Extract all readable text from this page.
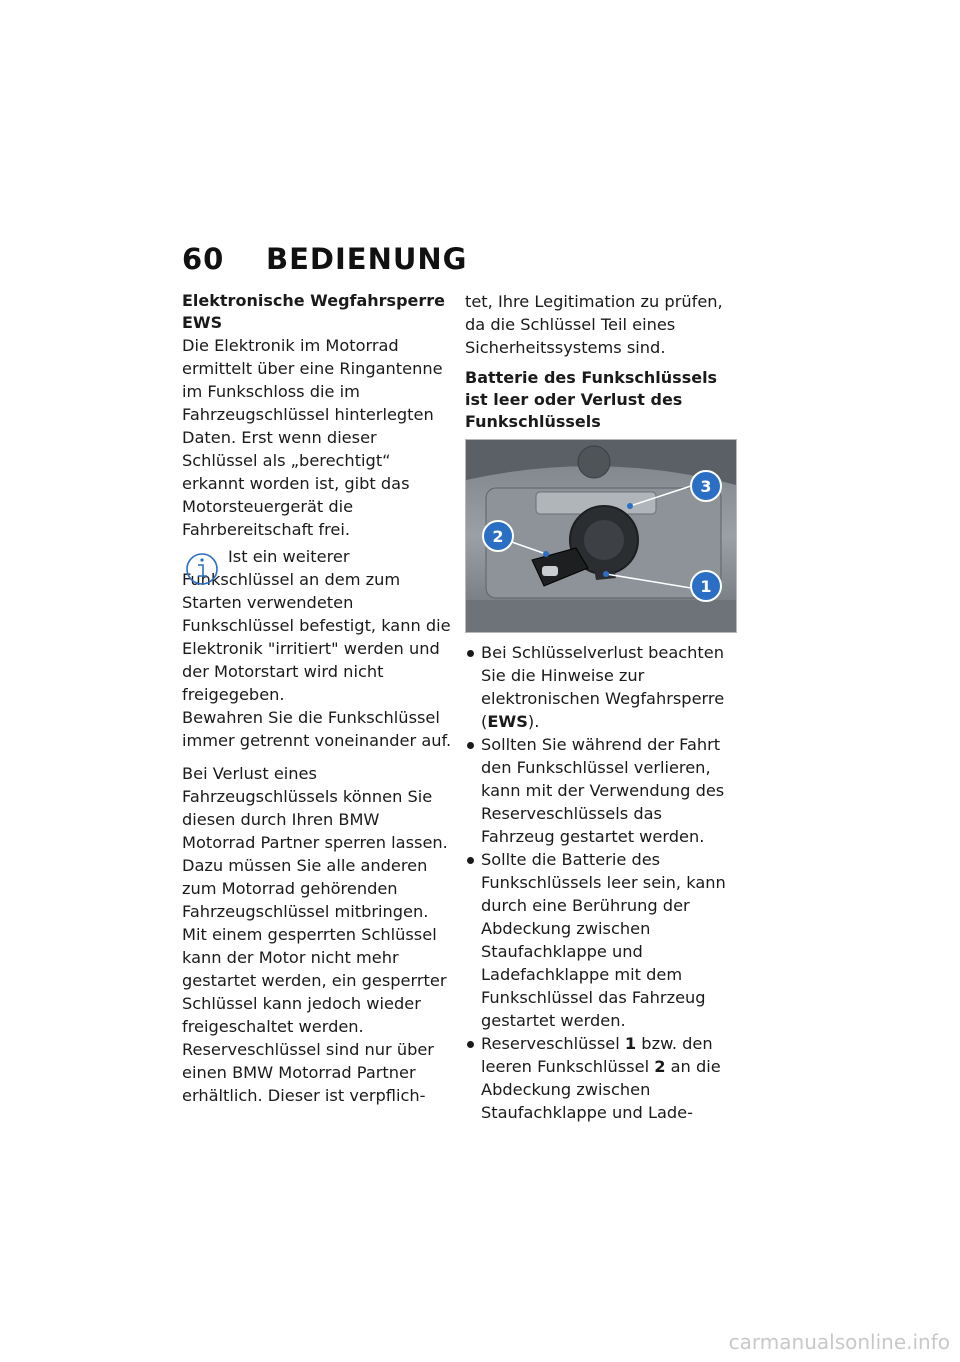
60 BEDIENUNG

Elektronische Wegfahrsperre EWS

Die Elektronik im Motorrad ermittelt über eine Ringantenne im Funkschloss die im Fahrzeugschlüssel hinterlegten Daten. Erst wenn dieser Schlüssel als „berechtigt“ erkannt worden ist, gibt das Motorsteuergerät die Fahrbereitschaft frei.

Ist ein weiterer Funkschlüssel an dem zum Starten verwendeten Funkschlüssel befestigt, kann die Elektronik "irritiert" werden und der Motorstart wird nicht freigegeben.

Bewahren Sie die Funkschlüssel immer getrennt voneinander auf.

Bei Verlust eines Fahrzeugschlüssels können Sie diesen durch Ihren BMW Motorrad Partner sperren lassen.

Dazu müssen Sie alle anderen zum Motorrad gehörenden Fahrzeugschlüssel mitbringen.

Mit einem gesperrten Schlüssel kann der Motor nicht mehr gestartet werden, ein gesperrter Schlüssel kann jedoch wieder freigeschaltet werden.

Reserveschlüssel sind nur über einen BMW Motorrad Partner erhältlich. Dieser ist verpflich-

tet, Ihre Legitimation zu prüfen, da die Schlüssel Teil eines Sicherheitssystems sind.

Batterie des Funkschlüssels ist leer oder Verlust des Funkschlüssels

2
3
1
Bei Schlüsselverlust beachten Sie die Hinweise zur elektronischen Wegfahrsperre (EWS).
Sollten Sie während der Fahrt den Funkschlüssel verlieren, kann mit der Verwendung des Reserveschlüssels das Fahrzeug gestartet werden.
Sollte die Batterie des Funkschlüssels leer sein, kann durch eine Berührung der Abdeckung zwischen Staufachklappe und Ladefachklappe mit dem Funkschlüssel das Fahrzeug gestartet werden.
Reserveschlüssel 1 bzw. den leeren Funkschlüssel 2 an die Abdeckung zwischen Staufachklappe und Lade-
carmanualsonline.info
